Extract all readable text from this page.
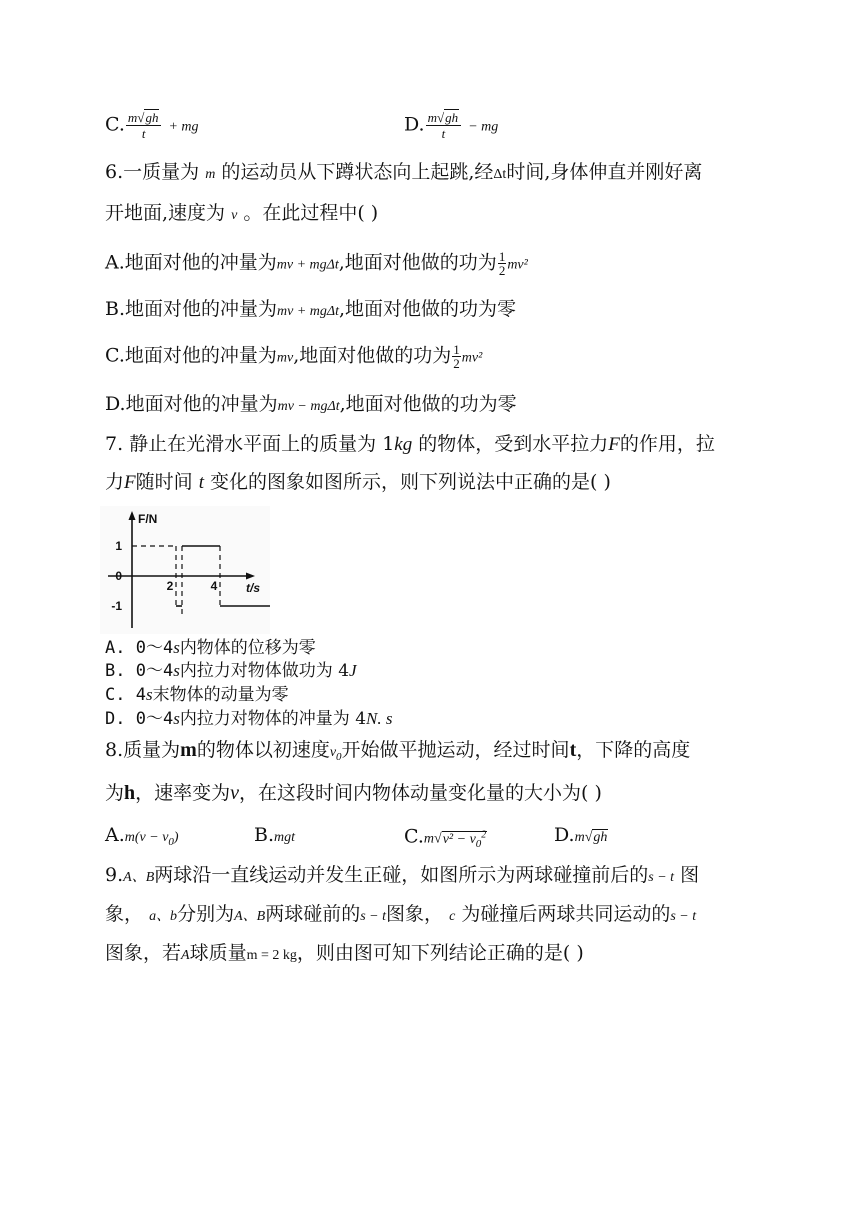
C. $\frac{m√gh}{t}$ + mg	D. $\frac{m√gh}{t}$ − mg
6.一质量为 m 的运动员从下蹲状态向上起跳,经Δt时间,身体伸直并刚好离
开地面,速度为 v 。在此过程中( )
A.地面对他的冲量为mv + mgΔt,地面对他做的功为 $\frac{1}{2} mv^2$
B.地面对他的冲量为mv + mgΔt,地面对他做的功为零
C.地面对他的冲量为mv,地面对他做的功为 $\frac{1}{2} mv^2$
D.地面对他的冲量为mv − mgΔt,地面对他做的功为零
7. 静止在光滑水平面上的质量为 1kg 的物体，受到水平拉力F的作用，拉
力F随时间 t 变化的图象如图所示，则下列说法中正确的是( )
F/N
t/s
1
0
-1
2	4
A. 0～4s内物体的位移为零
B. 0～4s内拉力对物体做功为 4J
C. 4s末物体的动量为零
D. 0～4s内拉力对物体的冲量为 4N. s
8.质量为m的物体以初速度$v_0$开始做平抛运动，经过时间t，下降的高度
为h，速率变为v，在这段时间内物体动量变化量的大小为( )
$A.m(v - v_0)$	B.mgt	$C.m√v^2 - v_0^2$	D.m√gh
9.A、B两球沿一直线运动并发生正碰，如图所示为两球碰撞前后的s − t 图
象， a、b分别为A、B两球碰前的s − t图象， c 为碰撞后两球共同运动的s − t
图象，若A球质量m = 2 kg，则由图可知下列结论正确的是( )
